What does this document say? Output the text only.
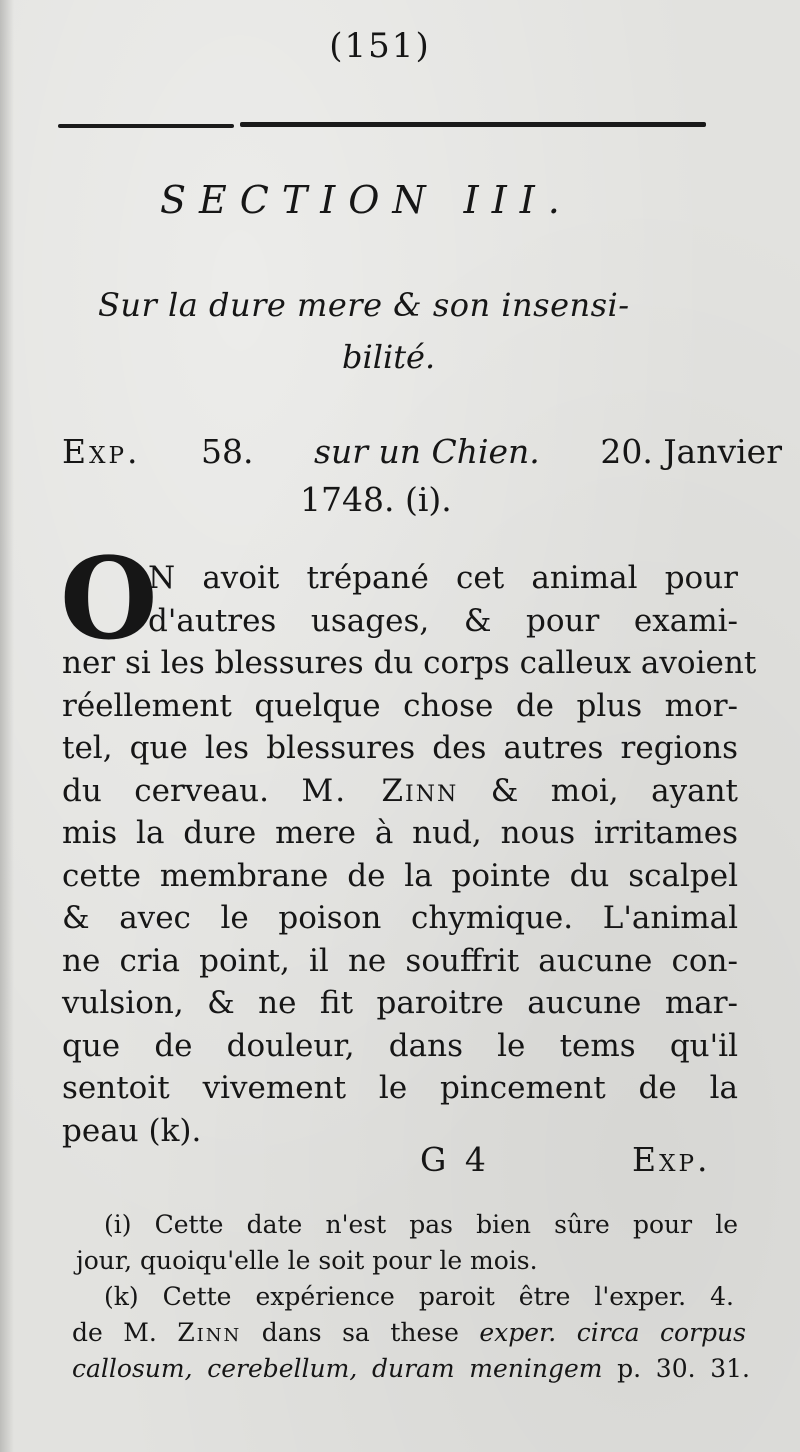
(151)
SECTION III.
Sur la dure mere & son insensi-
bilité.
Exp. 58. sur un Chien. 20. Janvier
1748. (i).
O
N avoit trépané cet animal pour
d'autres usages, & pour exami-
ner si les blessures du corps calleux avoient
réellement quelque chose de plus mor-
tel, que les blessures des autres regions
du cerveau. M. Zinn & moi, ayant
mis la dure mere à nud, nous irritames
cette membrane de la pointe du scalpel
& avec le poison chymique. L'animal
ne cria point, il ne souffrit aucune con-
vulsion, & ne fit paroitre aucune mar-
que de douleur, dans le tems qu'il
sentoit vivement le pincement de la
peau (k).
G 4	Exp.
(i) Cette date n'est pas bien sûre pour le
jour, quoiqu'elle le soit pour le mois.
(k) Cette expérience paroit être l'exper. 4.
de M. Zinn dans sa these exper. circa corpus
callosum, cerebellum, duram meningem p. 30. 31.
